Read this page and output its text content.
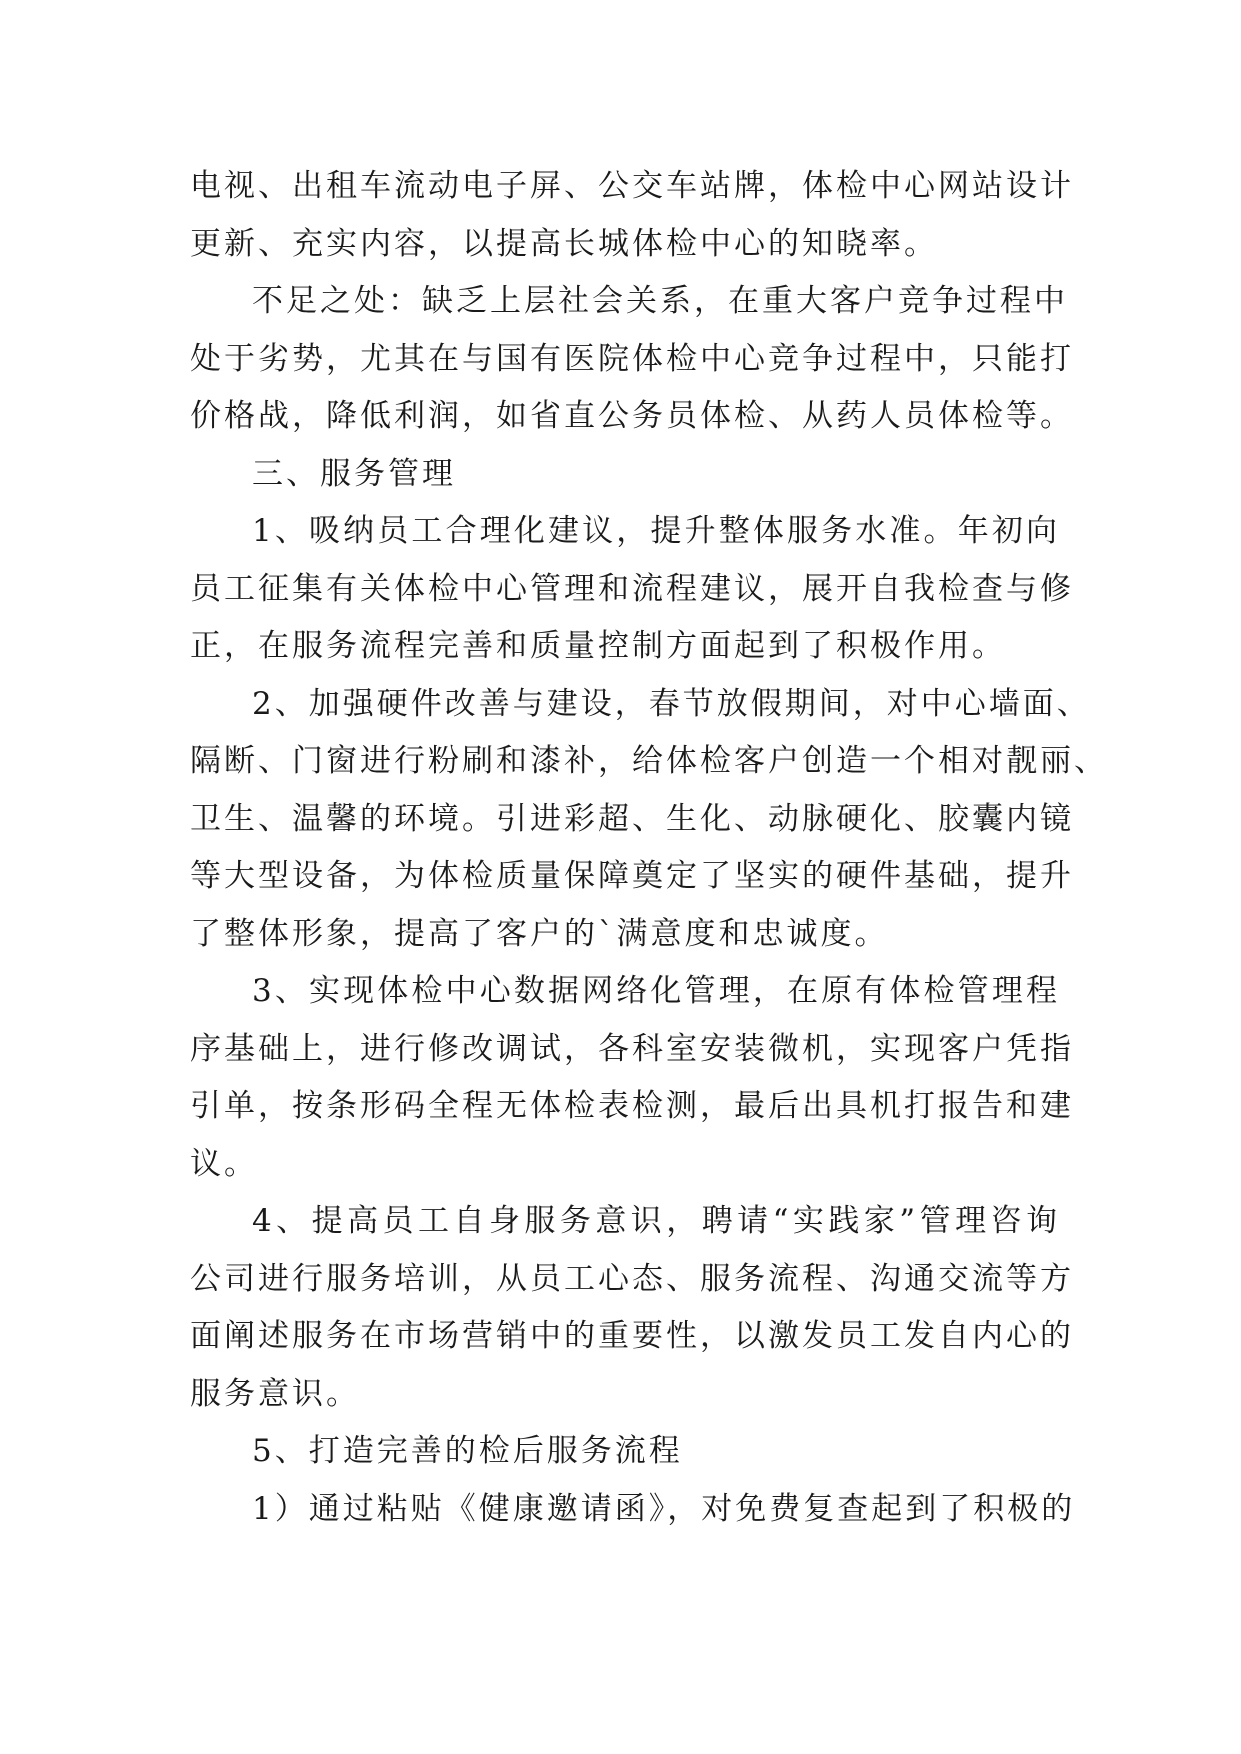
电视、出租车流动电子屏、公交车站牌，体检中心网站设计
更新、充实内容，以提高长城体检中心的知晓率。
不足之处：缺乏上层社会关系，在重大客户竞争过程中
处于劣势，尤其在与国有医院体检中心竞争过程中，只能打
价格战，降低利润，如省直公务员体检、从药人员体检等。
三、服务管理
1、吸纳员工合理化建议，提升整体服务水准。年初向
员工征集有关体检中心管理和流程建议，展开自我检查与修
正，在服务流程完善和质量控制方面起到了积极作用。
2、加强硬件改善与建设，春节放假期间，对中心墙面、
隔断、门窗进行粉刷和漆补，给体检客户创造一个相对靓丽、
卫生、温馨的环境。引进彩超、生化、动脉硬化、胶囊内镜
等大型设备，为体检质量保障奠定了坚实的硬件基础，提升
了整体形象，提高了客户的`满意度和忠诚度。
3、实现体检中心数据网络化管理，在原有体检管理程
序基础上，进行修改调试，各科室安装微机，实现客户凭指
引单，按条形码全程无体检表检测，最后出具机打报告和建
议。
4、提高员工自身服务意识，聘请“实践家”管理咨询
公司进行服务培训，从员工心态、服务流程、沟通交流等方
面阐述服务在市场营销中的重要性，以激发员工发自内心的
服务意识。
5、打造完善的检后服务流程
1）通过粘贴《健康邀请函》，对免费复查起到了积极的
